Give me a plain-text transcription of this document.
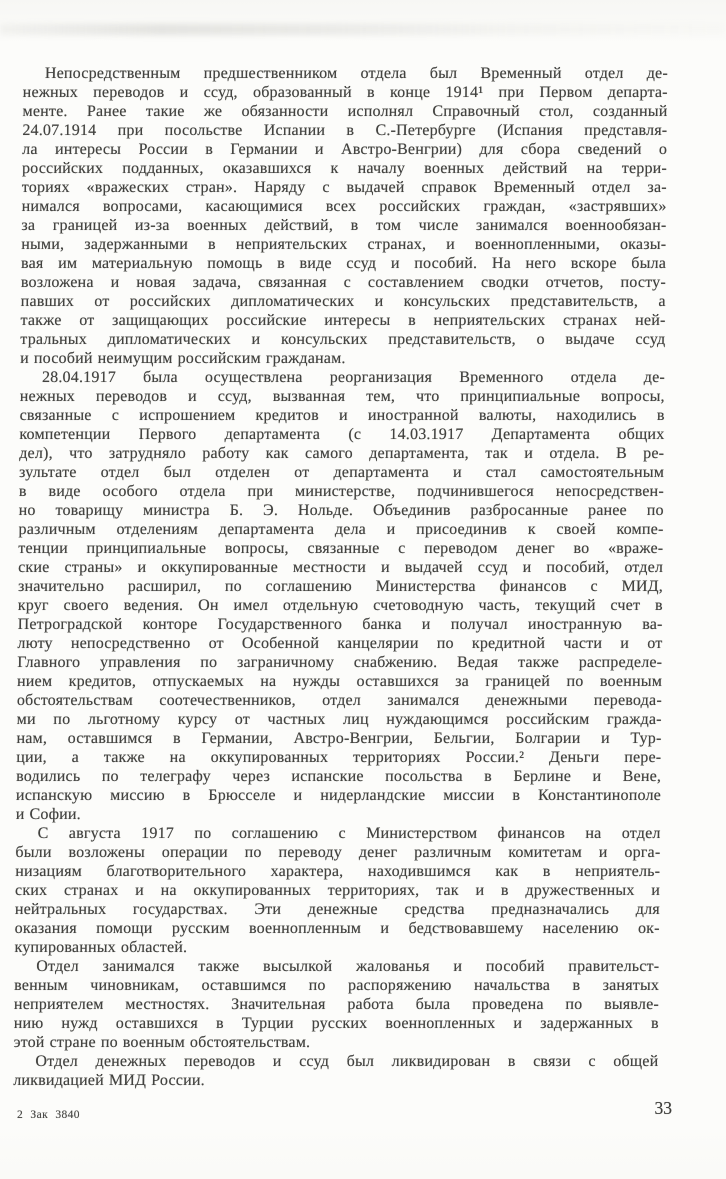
Непосредственным предшественником отдела был Временный отдел де-
нежных переводов и ссуд, образованный в конце 1914¹ при Первом департа-
менте. Ранее такие же обязанности исполнял Справочный стол, созданный
24.07.1914 при посольстве Испании в С.-Петербурге (Испания представля-
ла интересы России в Германии и Австро-Венгрии) для сбора сведений о
российских подданных, оказавшихся к началу военных действий на терри-
ториях «вражеских стран». Наряду с выдачей справок Временный отдел за-
нимался вопросами, касающимися всех российских граждан, «застрявших»
за границей из-за военных действий, в том числе занимался военнообязан-
ными, задержанными в неприятельских странах, и военнопленными, оказы-
вая им материальную помощь в виде ссуд и пособий. На него вскоре была
возложена и новая задача, связанная с составлением сводки отчетов, посту-
павших от российских дипломатических и консульских представительств, а
также от защищающих российские интересы в неприятельских странах ней-
тральных дипломатических и консульских представительств, о выдаче ссуд
и пособий неимущим российским гражданам.

28.04.1917 была осуществлена реорганизация Временного отдела де-
нежных переводов и ссуд, вызванная тем, что принципиальные вопросы,
связанные с испрошением кредитов и иностранной валюты, находились в
компетенции Первого департамента (с 14.03.1917 Департамента общих
дел), что затрудняло работу как самого департамента, так и отдела. В ре-
зультате отдел был отделен от департамента и стал самостоятельным
в виде особого отдела при министерстве, подчинившегося непосредствен-
но товарищу министра Б. Э. Нольде. Объединив разбросанные ранее по
различным отделениям департамента дела и присоединив к своей компе-
тенции принципиальные вопросы, связанные с переводом денег во «враже-
ские страны» и оккупированные местности и выдачей ссуд и пособий, отдел
значительно расширил, по соглашению Министерства финансов с МИД,
круг своего ведения. Он имел отдельную счетоводную часть, текущий счет в
Петроградской конторе Государственного банка и получал иностранную ва-
люту непосредственно от Особенной канцелярии по кредитной части и от
Главного управления по заграничному снабжению. Ведая также распределе-
нием кредитов, отпускаемых на нужды оставшихся за границей по военным
обстоятельствам соотечественников, отдел занимался денежными перевода-
ми по льготному курсу от частных лиц нуждающимся российским гражда-
нам, оставшимся в Германии, Австро-Венгрии, Бельгии, Болгарии и Тур-
ции, а также на оккупированных территориях России.² Деньги пере-
водились по телеграфу через испанские посольства в Берлине и Вене,
испанскую миссию в Брюсселе и нидерландские миссии в Константинополе
и Софии.

С августа 1917 по соглашению с Министерством финансов на отдел
были возложены операции по переводу денег различным комитетам и орга-
низациям благотворительного характера, находившимся как в неприятель-
ских странах и на оккупированных территориях, так и в дружественных и
нейтральных государствах. Эти денежные средства предназначались для
оказания помощи русским военнопленным и бедствовавшему населению ок-
купированных областей.

Отдел занимался также высылкой жалованья и пособий правительст-
венным чиновникам, оставшимся по распоряжению начальства в занятых
неприятелем местностях. Значительная работа была проведена по выявле-
нию нужд оставшихся в Турции русских военнопленных и задержанных в
этой стране по военным обстоятельствам.

Отдел денежных переводов и ссуд был ликвидирован в связи с общей
ликвидацией МИД России.

2 Зак 3840	33
